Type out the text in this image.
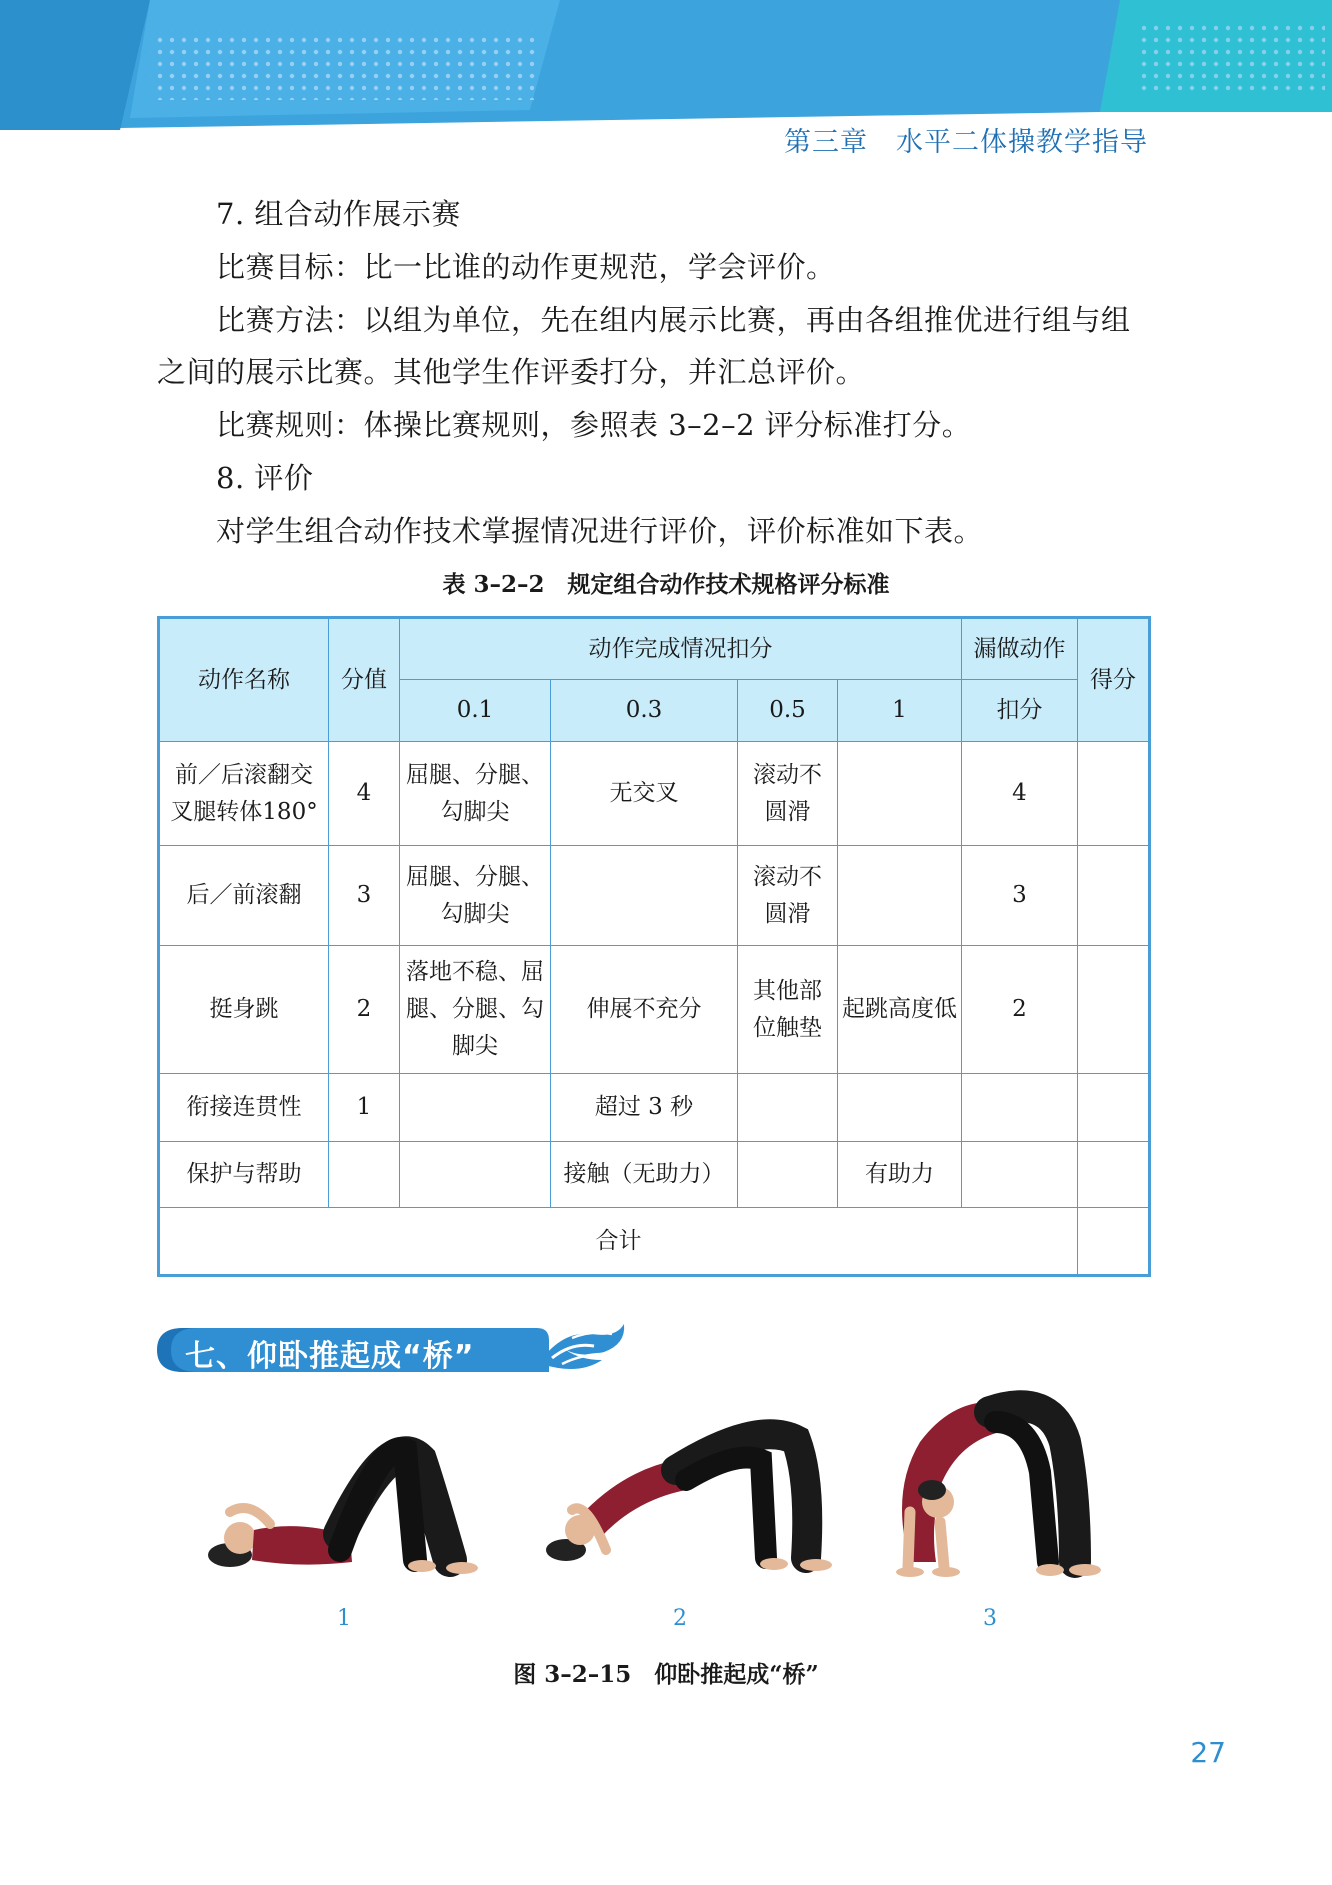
第三章 水平二体操教学指导
7. 组合动作展示赛
比赛目标：比一比谁的动作更规范，学会评价。
比赛方法：以组为单位，先在组内展示比赛，再由各组推优进行组与组
之间的展示比赛。其他学生作评委打分，并汇总评价。
比赛规则：体操比赛规则，参照表 3–2–2 评分标准打分。
8. 评价
对学生组合动作技术掌握情况进行评价，评价标准如下表。
表 3–2–2　规定组合动作技术规格评分标准
动作名称	分值	动作完成情况扣分				漏做动作	得分
		0.1	0.3	0.5	1	扣分	
前／后滚翻交叉腿转体180°	4	屈腿、分腿、勾脚尖	无交叉	滚动不圆滑		4	
后／前滚翻	3	屈腿、分腿、勾脚尖		滚动不圆滑		3	
挺身跳	2	落地不稳、屈腿、分腿、勾脚尖	伸展不充分	其他部位触垫	起跳高度低	2	
衔接连贯性	1		超过 3 秒				
保护与帮助			接触（无助力）		有助力		
合计							
七、仰卧推起成“桥”
1	2	3
图 3–2–15　仰卧推起成“桥”
27
